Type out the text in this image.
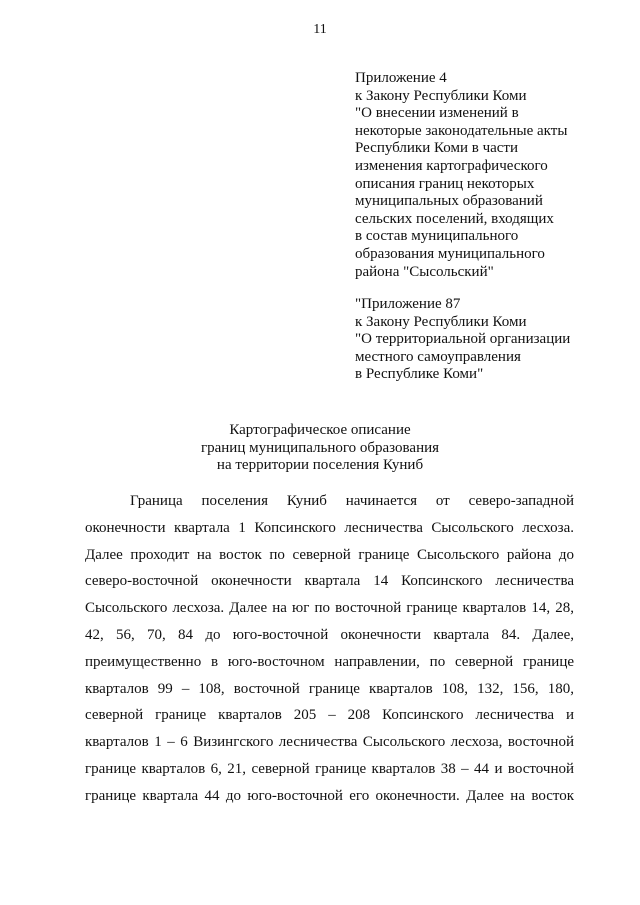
11
Приложение 4
к Закону Республики Коми
"О внесении изменений в
некоторые законодательные акты
Республики Коми в части
изменения картографического
описания границ некоторых
муниципальных образований
сельских поселений, входящих
в состав муниципального
образования муниципального
района "Сысольский"
"Приложение 87
к Закону Республики Коми
"О территориальной организации
местного самоуправления
в Республике Коми"
Картографическое описание
границ муниципального образования
на территории поселения Куниб
Граница поселения Куниб начинается от северо-западной
оконечности квартала 1 Копсинского лесничества Сысольского лесхоза.
Далее проходит на восток по северной границе Сысольского района до
северо-восточной оконечности квартала 14 Копсинского лесничества
Сысольского лесхоза. Далее на юг по восточной границе кварталов 14, 28,
42, 56, 70, 84 до юго-восточной оконечности квартала 84. Далее,
преимущественно в юго-восточном направлении, по северной границе
кварталов 99 – 108, восточной границе кварталов 108, 132, 156, 180,
северной границе кварталов 205 – 208 Копсинского лесничества и
кварталов 1 – 6 Визингского лесничества Сысольского лесхоза, восточной
границе кварталов 6, 21, северной границе кварталов 38 – 44 и восточной
границе квартала 44 до юго-восточной его оконечности. Далее на восток
